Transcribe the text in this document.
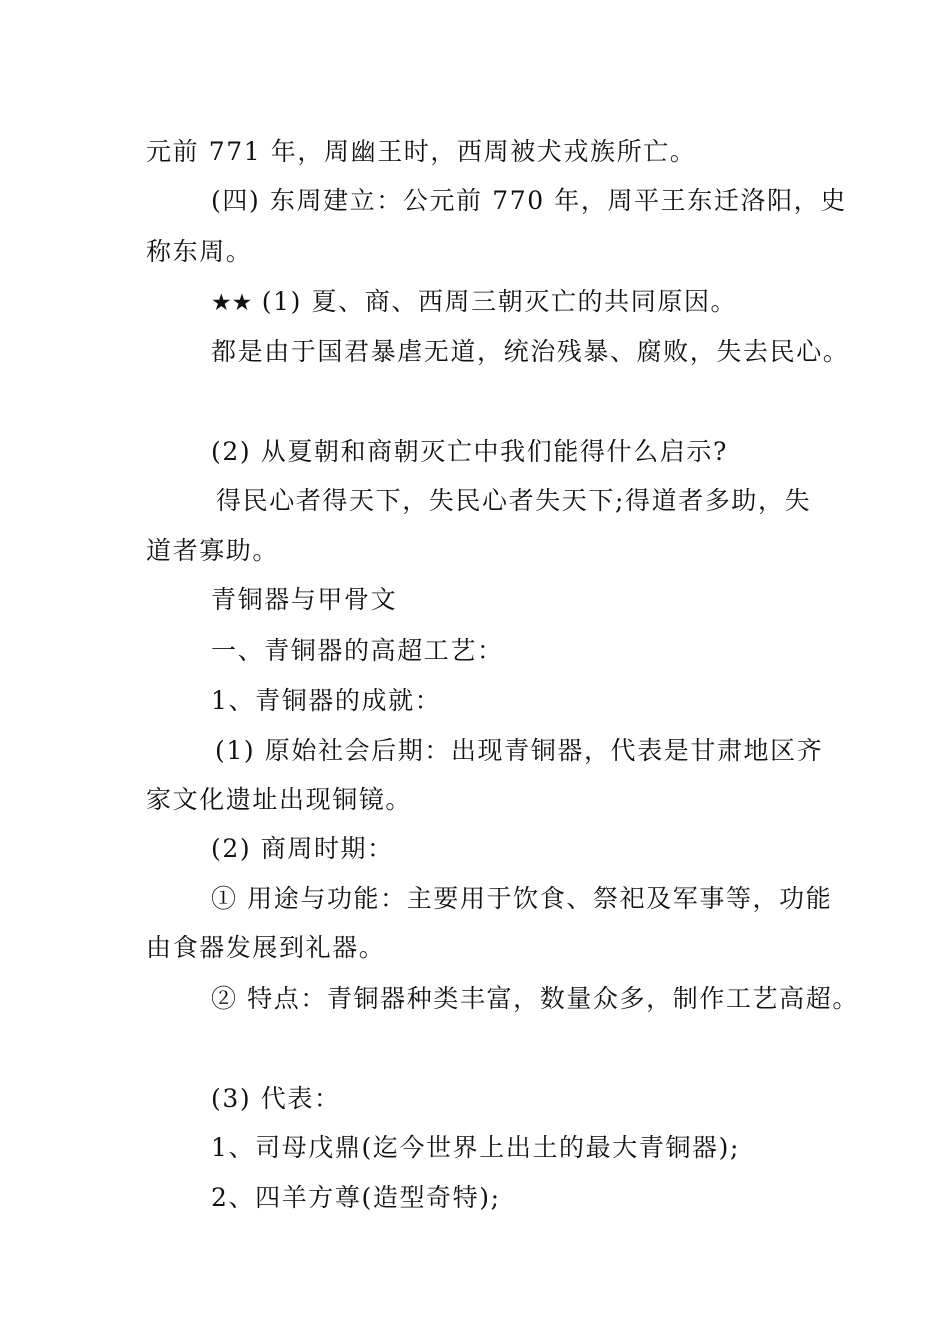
元前 771 年，周幽王时，西周被犬戎族所亡。
(四) 东周建立：公元前 770 年，周平王东迁洛阳，史
称东周。
★★ (1) 夏、商、西周三朝灭亡的共同原因。
都是由于国君暴虐无道，统治残暴、腐败，失去民心。
(2) 从夏朝和商朝灭亡中我们能得什么启示?
得民心者得天下，失民心者失天下;得道者多助，失
道者寡助。
青铜器与甲骨文
一、青铜器的高超工艺：
1、青铜器的成就：
(1) 原始社会后期：出现青铜器，代表是甘肃地区齐
家文化遗址出现铜镜。
(2) 商周时期：
① 用途与功能：主要用于饮食、祭祀及军事等，功能
由食器发展到礼器。
② 特点：青铜器种类丰富，数量众多，制作工艺高超。
(3) 代表：
1、司母戊鼎(迄今世界上出土的最大青铜器);
2、四羊方尊(造型奇特);
